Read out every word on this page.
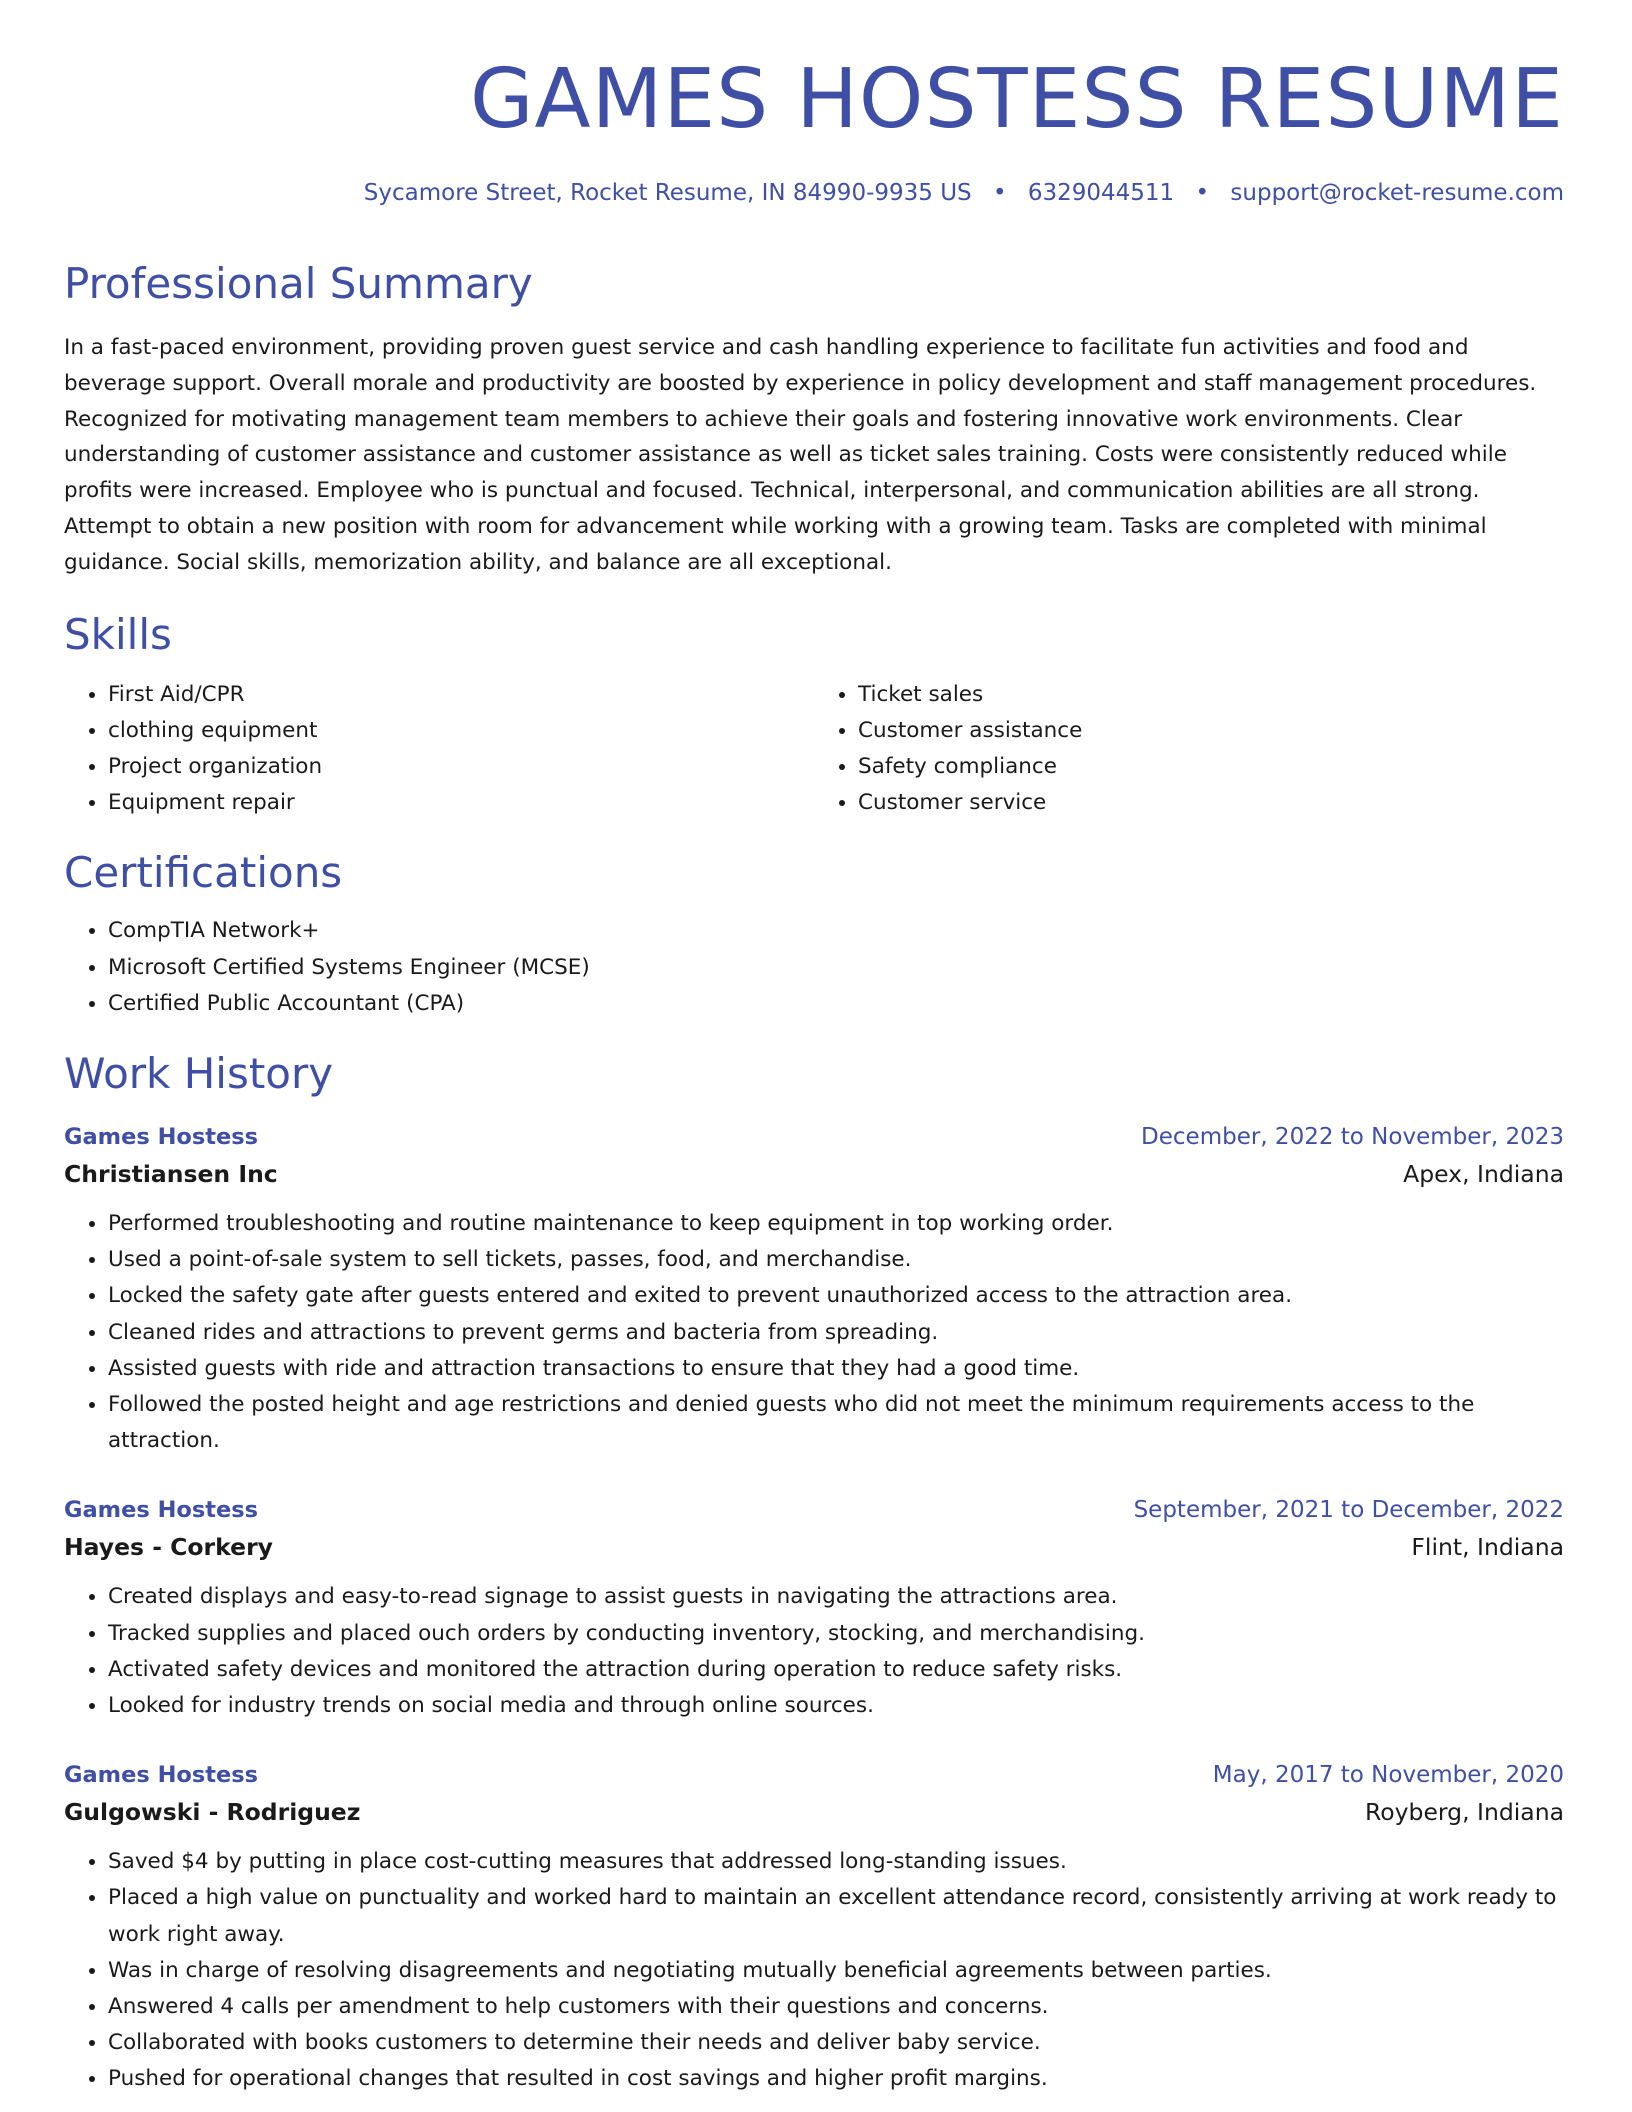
GAMES HOSTESS RESUME
Sycamore Street, Rocket Resume, IN 84990-9935 US • 6329044511 • support@rocket-resume.com
Professional Summary

In a fast-paced environment, providing proven guest service and cash handling experience to facilitate fun activities and food and beverage support. Overall morale and productivity are boosted by experience in policy development and staff management procedures. Recognized for motivating management team members to achieve their goals and fostering innovative work environments. Clear understanding of customer assistance and customer assistance as well as ticket sales training. Costs were consistently reduced while profits were increased. Employee who is punctual and focused. Technical, interpersonal, and communication abilities are all strong. Attempt to obtain a new position with room for advancement while working with a growing team. Tasks are completed with minimal guidance. Social skills, memorization ability, and balance are all exceptional.

Skills
• First Aid/CPR
• clothing equipment
• Project organization
• Equipment repair
• Ticket sales
• Customer assistance
• Safety compliance
• Customer service
Certifications
• CompTIA Network+
• Microsoft Certified Systems Engineer (MCSE)
• Certified Public Accountant (CPA)
Work History
Games Hostess	December, 2022 to November, 2023
Christiansen Inc	Apex, Indiana
• Performed troubleshooting and routine maintenance to keep equipment in top working order.
• Used a point-of-sale system to sell tickets, passes, food, and merchandise.
• Locked the safety gate after guests entered and exited to prevent unauthorized access to the attraction area.
• Cleaned rides and attractions to prevent germs and bacteria from spreading.
• Assisted guests with ride and attraction transactions to ensure that they had a good time.
• Followed the posted height and age restrictions and denied guests who did not meet the minimum requirements access to the attraction.
Games Hostess	September, 2021 to December, 2022
Hayes - Corkery	Flint, Indiana
• Created displays and easy-to-read signage to assist guests in navigating the attractions area.
• Tracked supplies and placed ouch orders by conducting inventory, stocking, and merchandising.
• Activated safety devices and monitored the attraction during operation to reduce safety risks.
• Looked for industry trends on social media and through online sources.
Games Hostess	May, 2017 to November, 2020
Gulgowski - Rodriguez	Royberg, Indiana
• Saved $4 by putting in place cost-cutting measures that addressed long-standing issues.
• Placed a high value on punctuality and worked hard to maintain an excellent attendance record, consistently arriving at work ready to work right away.
• Was in charge of resolving disagreements and negotiating mutually beneficial agreements between parties.
• Answered 4 calls per amendment to help customers with their questions and concerns.
• Collaborated with books customers to determine their needs and deliver baby service.
• Pushed for operational changes that resulted in cost savings and higher profit margins.
